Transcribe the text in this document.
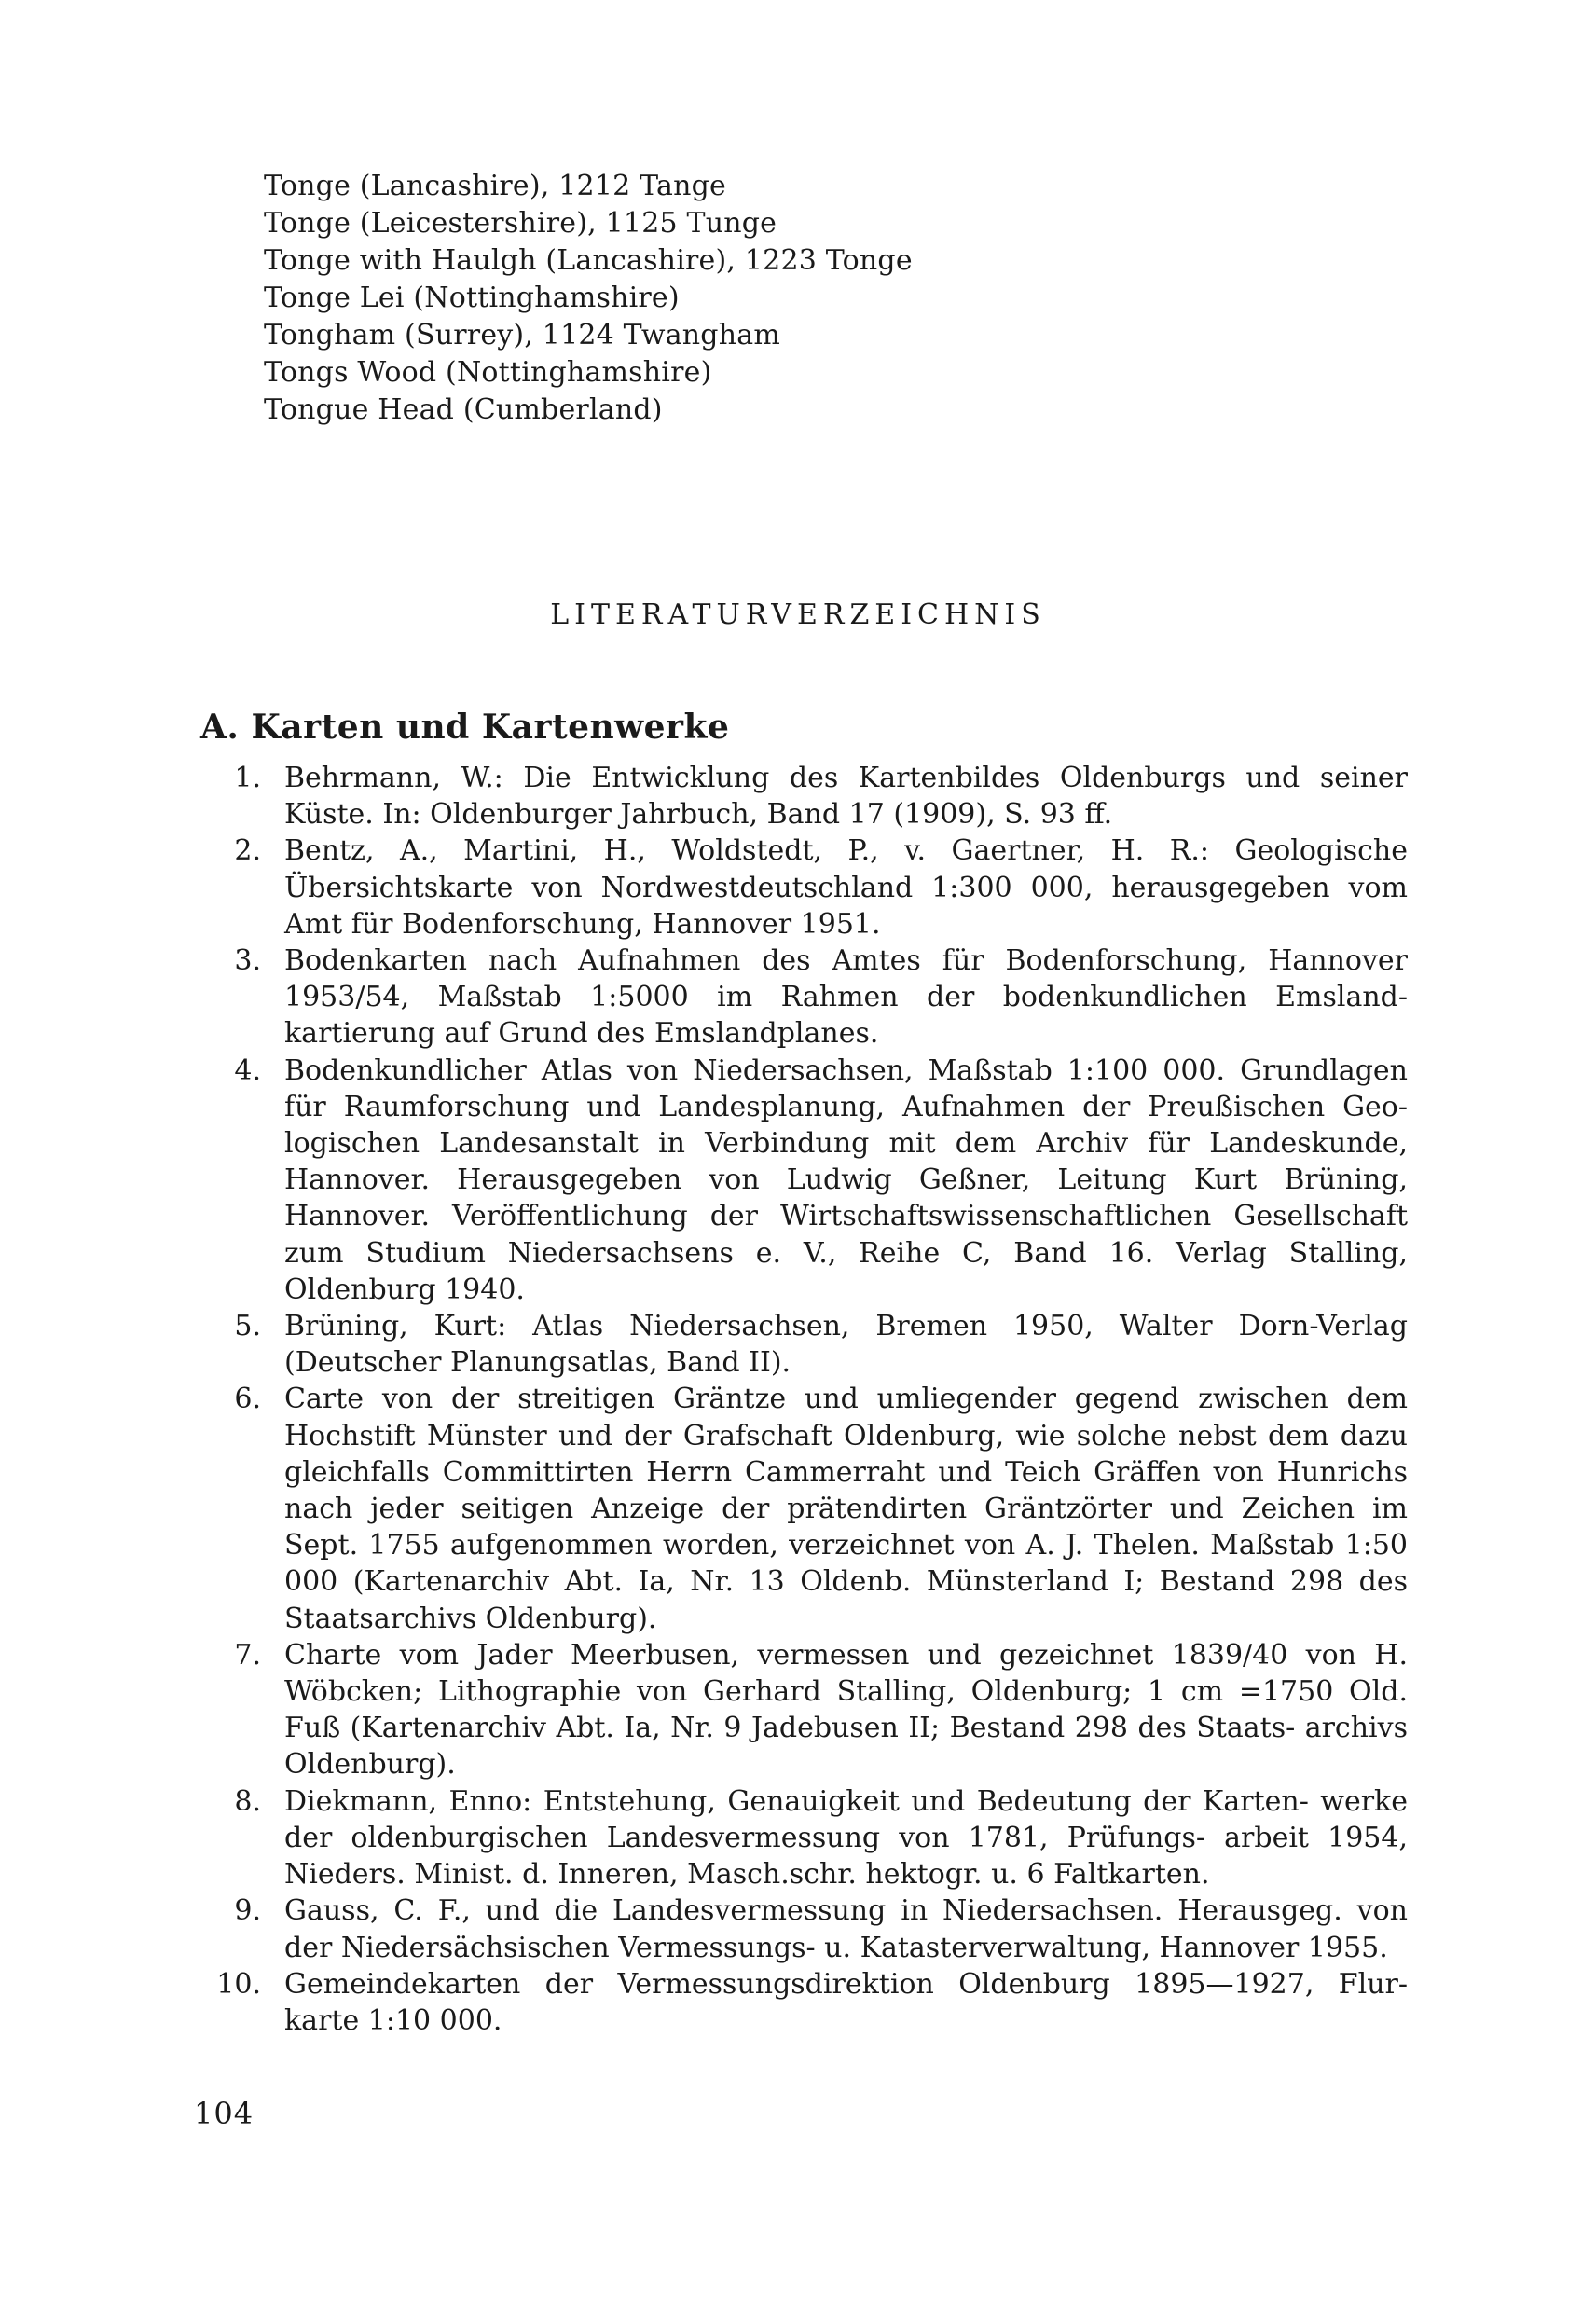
Tonge (Lancashire), 1212 Tange
Tonge (Leicestershire), 1125 Tunge
Tonge with Haulgh (Lancashire), 1223 Tonge
Tonge Lei (Nottinghamshire)
Tongham (Surrey), 1124 Twangham
Tongs Wood (Nottinghamshire)
Tongue Head (Cumberland)
LITERATURVERZEICHNIS
A. Karten und Kartenwerke
1. Behrmann, W.: Die Entwicklung des Kartenbildes Oldenburgs und seiner Küste. In: Oldenburger Jahrbuch, Band 17 (1909), S. 93 ff.
2. Bentz, A., Martini, H., Woldstedt, P., v. Gaertner, H. R.: Geologische Übersichtskarte von Nordwestdeutschland 1:300 000, herausgegeben vom Amt für Bodenforschung, Hannover 1951.
3. Bodenkarten nach Aufnahmen des Amtes für Bodenforschung, Hannover 1953/54, Maßstab 1:5000 im Rahmen der bodenkundlichen Emsland- kartierung auf Grund des Emslandplanes.
4. Bodenkundlicher Atlas von Niedersachsen, Maßstab 1:100 000. Grundlagen für Raumforschung und Landesplanung, Aufnahmen der Preußischen Geo- logischen Landesanstalt in Verbindung mit dem Archiv für Landeskunde, Hannover. Herausgegeben von Ludwig Geßner, Leitung Kurt Brüning, Hannover. Veröffentlichung der Wirtschaftswissenschaftlichen Gesellschaft zum Studium Niedersachsens e. V., Reihe C, Band 16. Verlag Stalling, Oldenburg 1940.
5. Brüning, Kurt: Atlas Niedersachsen, Bremen 1950, Walter Dorn-Verlag (Deutscher Planungsatlas, Band II).
6. Carte von der streitigen Gräntze und umliegender gegend zwischen dem Hochstift Münster und der Grafschaft Oldenburg, wie solche nebst dem dazu gleichfalls Committirten Herrn Cammerraht und Teich Gräffen von Hunrichs nach jeder seitigen Anzeige der prätendirten Gräntzörter und Zeichen im Sept. 1755 aufgenommen worden, verzeichnet von A. J. Thelen. Maßstab 1:50 000 (Kartenarchiv Abt. Ia, Nr. 13 Oldenb. Münsterland I; Bestand 298 des Staatsarchivs Oldenburg).
7. Charte vom Jader Meerbusen, vermessen und gezeichnet 1839/40 von H. Wöbcken; Lithographie von Gerhard Stalling, Oldenburg; 1 cm =1750 Old. Fuß (Kartenarchiv Abt. Ia, Nr. 9 Jadebusen II; Bestand 298 des Staats- archivs Oldenburg).
8. Diekmann, Enno: Entstehung, Genauigkeit und Bedeutung der Karten- werke der oldenburgischen Landesvermessung von 1781, Prüfungs- arbeit 1954, Nieders. Minist. d. Inneren, Masch.schr. hektogr. u. 6 Faltkarten.
9. Gauss, C. F., und die Landesvermessung in Niedersachsen. Herausgeg. von der Niedersächsischen Vermessungs- u. Katasterverwaltung, Hannover 1955.
10. Gemeindekarten der Vermessungsdirektion Oldenburg 1895—1927, Flur- karte 1:10 000.
104
